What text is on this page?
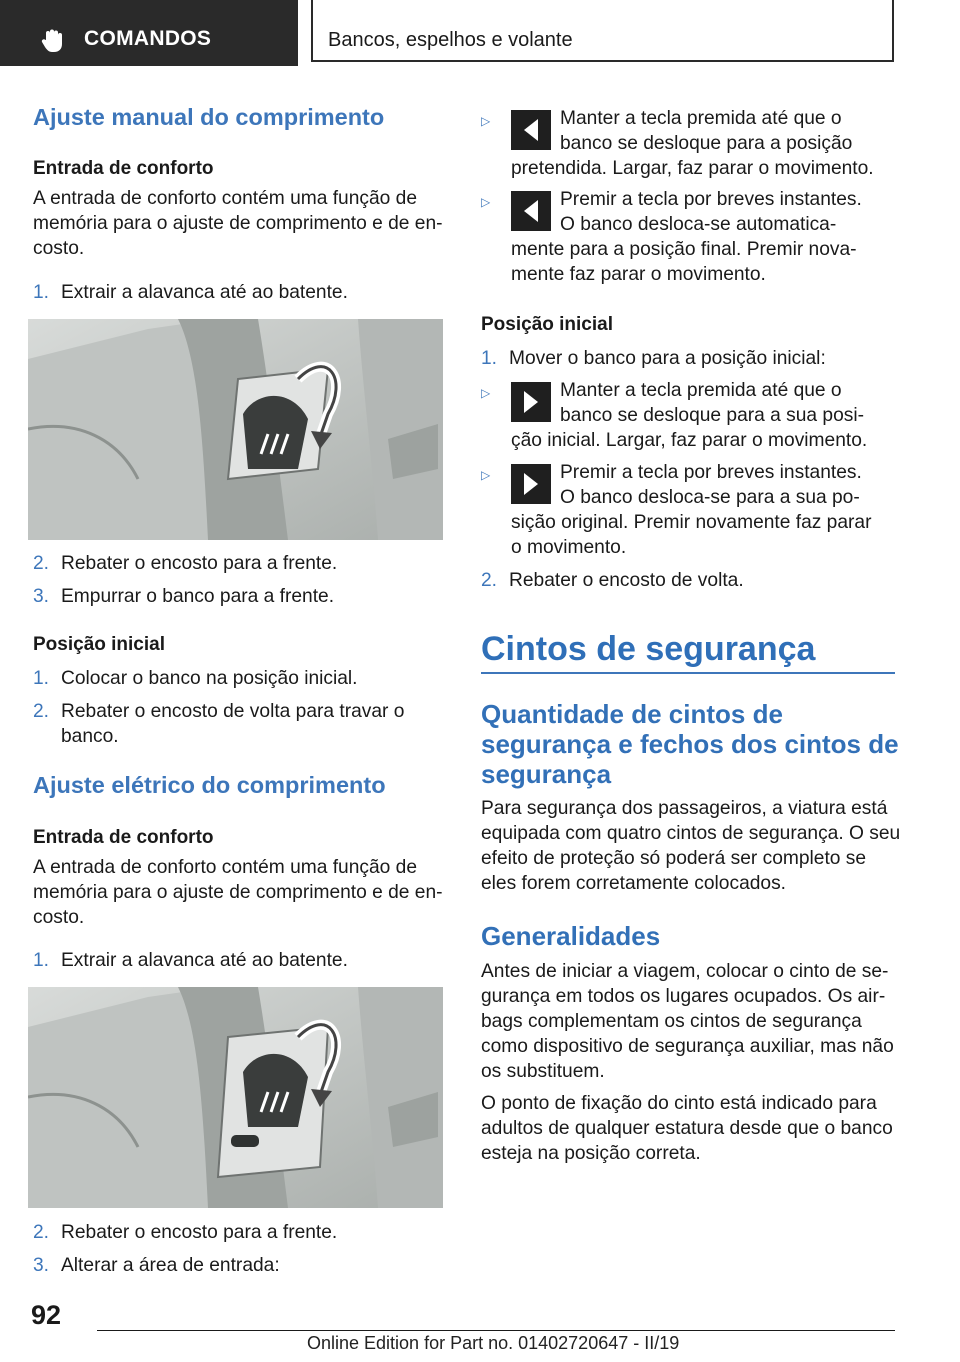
COMANDOS	Bancos, espelhos e volante
Ajuste manual do comprimento
Entrada de conforto
A entrada de conforto contém uma função de
memória para o ajuste de comprimento e de en-
costo.
1. Extrair a alavanca até ao batente.
2. Rebater o encosto para a frente.
3. Empurrar o banco para a frente.
Posição inicial
1. Colocar o banco na posição inicial.
2. Rebater o encosto de volta para travar o
banco.
Ajuste elétrico do comprimento
Entrada de conforto
A entrada de conforto contém uma função de
memória para o ajuste de comprimento e de en-
costo.
1. Extrair a alavanca até ao batente.
2. Rebater o encosto para a frente.
3. Alterar a área de entrada:
▷	Manter a tecla premida até que o
banco se desloque para a posição
pretendida. Largar, faz parar o movimento.
▷	Premir a tecla por breves instantes.
O banco desloca-se automatica-
mente para a posição final. Premir nova-
mente faz parar o movimento.
Posição inicial
1. Mover o banco para a posição inicial:
▷	Manter a tecla premida até que o
banco se desloque para a sua posi-
ção inicial. Largar, faz parar o movimento.
▷	Premir a tecla por breves instantes.
O banco desloca-se para a sua po-
sição original. Premir novamente faz parar
o movimento.
2. Rebater o encosto de volta.
Cintos de segurança
Quantidade de cintos de
segurança e fechos dos cintos de
segurança
Para segurança dos passageiros, a viatura está
equipada com quatro cintos de segurança. O seu
efeito de proteção só poderá ser completo se
eles forem corretamente colocados.
Generalidades
Antes de iniciar a viagem, colocar o cinto de se-
gurança em todos os lugares ocupados. Os air-
bags complementam os cintos de segurança
como dispositivo de segurança auxiliar, mas não
os substituem.
O ponto de fixação do cinto está indicado para
adultos de qualquer estatura desde que o banco
esteja na posição correta.
92
Online Edition for Part no. 01402720647 - II/19
